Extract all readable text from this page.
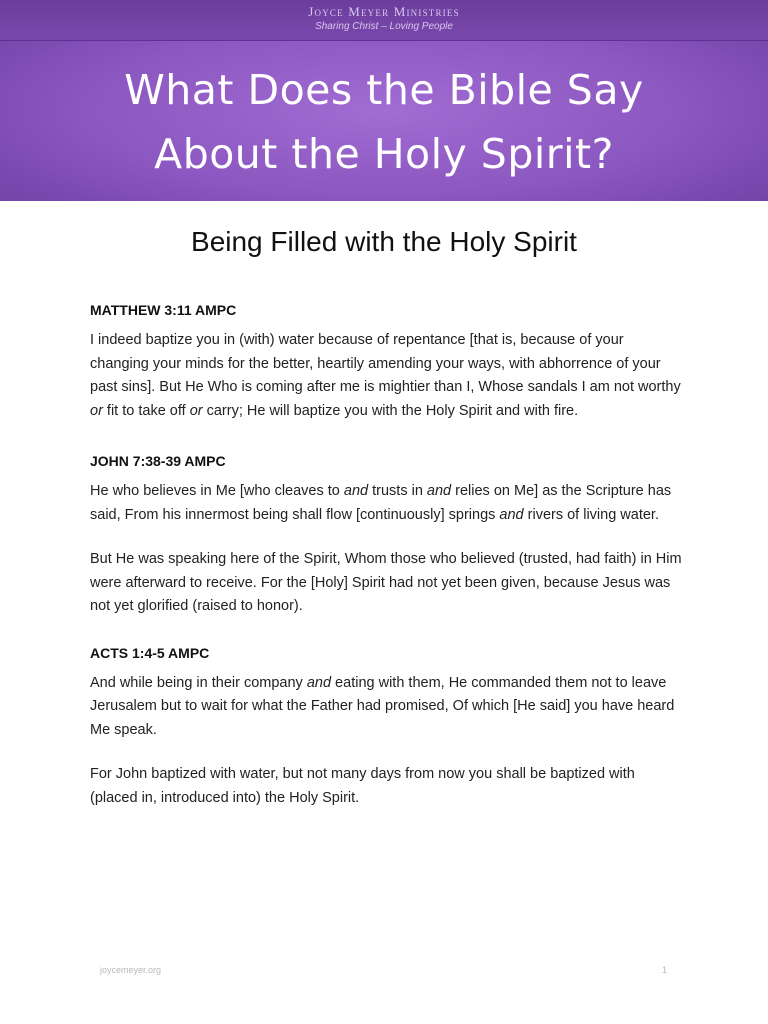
Joyce Meyer Ministries
Sharing Christ – Loving People
What Does the Bible Say
About the Holy Spirit?
Being Filled with the Holy Spirit
MATTHEW 3:11 AMPC

I indeed baptize you in (with) water because of repentance [that is, because of your changing your minds for the better, heartily amending your ways, with abhorrence of your past sins]. But He Who is coming after me is mightier than I, Whose sandals I am not worthy or fit to take off or carry; He will baptize you with the Holy Spirit and with fire.

JOHN 7:38-39 AMPC

He who believes in Me [who cleaves to and trusts in and relies on Me] as the Scripture has said, From his innermost being shall flow [continuously] springs and rivers of living water.

But He was speaking here of the Spirit, Whom those who believed (trusted, had faith) in Him were afterward to receive. For the [Holy] Spirit had not yet been given, because Jesus was not yet glorified (raised to honor).

ACTS 1:4-5 AMPC

And while being in their company and eating with them, He commanded them not to leave Jerusalem but to wait for what the Father had promised, Of which [He said] you have heard Me speak.

For John baptized with water, but not many days from now you shall be baptized with (placed in, introduced into) the Holy Spirit.

joycemeyer.org	1
